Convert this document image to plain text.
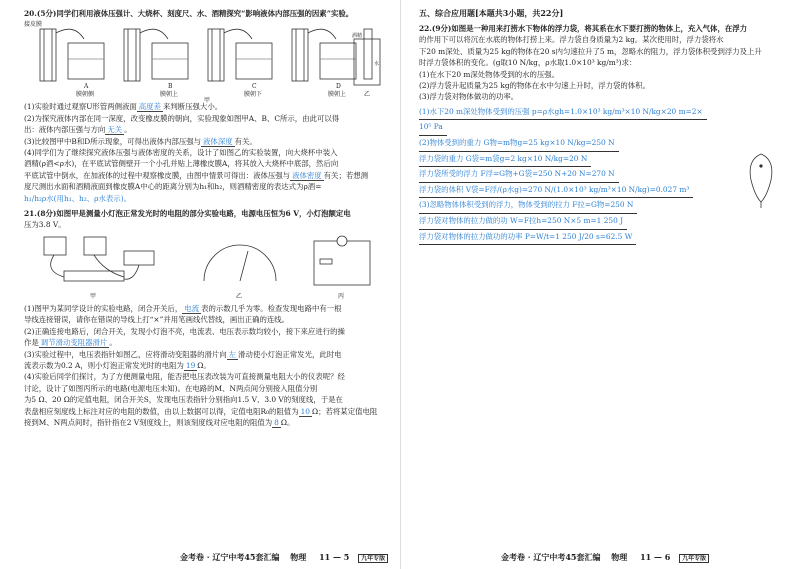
20.(5分)同学们利用液体压强计、大烧杯、刻度尺、水、酒精探究“影响液体内部压强的因素”实验。
接皮膜
A
膜朝侧
B
膜朝上
C
膜朝下
D
膜朝上
甲
乙
酒精
水
(1)实验时通过观察U形管两侧液面 高度差 来判断压强大小。
(2)为探究液体内部在同一深度，改变橡皮膜的朝向，实验现象如图甲A、B、C所示，由此可以得
出：液体内部压强与方向 无关 。
(3)比较图甲中B和D所示现象，可得出液体内部压强与 液体深度 有关。
(4)同学们为了继续探究液体压强与液体密度的关系，设计了如图乙的实验装置，向大烧杯中装入
酒精(ρ酒<ρ水)，在平底试管侧壁开一个小孔并贴上薄橡皮膜A，将其放入大烧杯中底部，然后向
平底试管中倒水，在加液体的过程中观察橡皮膜，由图中情景可得出：液体压强与 液体密度 有关；若想测
度尺测出水面和酒精液面到橡皮膜A中心的距离分别为h₁和h₂，则酒精密度的表达式为ρ酒=
h₁/h₂ρ水(用h₁、h₂、ρ水表示)。
21.(8分)如图甲是测量小灯泡正常发光时的电阻的部分实验电路，电源电压恒为6 V，小灯泡额定电
压为3.8 V。
甲	乙	丙
(1)图甲为某同学设计的实验电路，闭合开关后， 电流 表的示数几乎为零。检查发现电路中有一根
导线连接错误，请你在错误的导线上打“×”并用笔画线代替线，画出正确的连线。
(2)正确连接电路后，闭合开关，发现小灯泡不亮，电流表、电压表示数均较小，接下来应进行的操
作是 调节滑动变阻器滑片 。
(3)实验过程中，电压表指针如图乙，应将滑动变阻器的滑片向 左 滑动使小灯泡正常发光，此时电
流表示数为0.2 A，则小灯泡正常发光时的电阻为 19 Ω。
(4)实验后同学们探讨，为了方便测量电阻，能否把电压表改装为可直接测量电阻大小的仪表呢？经
讨论，设计了如图丙所示的电路(电源电压未知)。在电路的M、N两点间分别接入阻值分别
为5 Ω、20 Ω的定值电阻，闭合开关S，发现电压表指针分别指向1.5 V、3.0 V的刻度线，于是在
表盘相应刻度线上标注对应的电阻的数值，由以上数据可以得，定值电阻R₀的阻值为 10 Ω；若将某定值电阻
接到M、N两点间时，指针指在2 V刻度线上，则该刻度线对应电阻的阻值为 8 Ω。
金考卷 · 辽宁中考45套汇编 物理 11 — 5 九年专版
五、综合应用题[本题共3小题，共22分]
22.(9分)如图是一种用来打捞水下物体的浮力袋，将其系在水下要打捞的物体上，充入气体，在浮力
的作用下可以将沉在水底的物体打捞上来。浮力袋自身质量为2 kg。某次使用时，浮力袋将水
下20 m深处、质量为25 kg的物体在20 s内匀速拉升了5 m，忽略水的阻力，浮力袋体积受到浮力及上升
时浮力袋体积的变化。(g取10 N/kg，ρ水取1.0×10³ kg/m³)求：
(1)在水下20 m深处物体受到的水的压强。
(2)浮力袋升起质量为25 kg的物体在水中匀速上升时，浮力袋的体积。
(3)浮力袋对物体做功的功率。
(1)水下20 m深处物体受到的压强 p=ρ水gh=1.0×10³ kg/m³×10 N/kg×20 m=2×
10⁵ Pa
(2)物体受到的重力 G物=m物g=25 kg×10 N/kg=250 N
浮力袋的重力 G袋=m袋g=2 kg×10 N/kg=20 N
浮力袋所受的浮力 F浮=G物+G袋=250 N+20 N=270 N
浮力袋的体积 V袋=F浮/(ρ水g)=270 N/(1.0×10³ kg/m³×10 N/kg)=0.027 m³
(3)忽略物体体积受到的浮力，物体受到的拉力 F拉=G物=250 N
浮力袋对物体的拉力做的功 W=F拉h=250 N×5 m=1 250 J
浮力袋对物体的拉力做功的功率 P=W/t=1 250 J/20 s=62.5 W
金考卷 · 辽宁中考45套汇编 物理 11 — 6 九年专版
